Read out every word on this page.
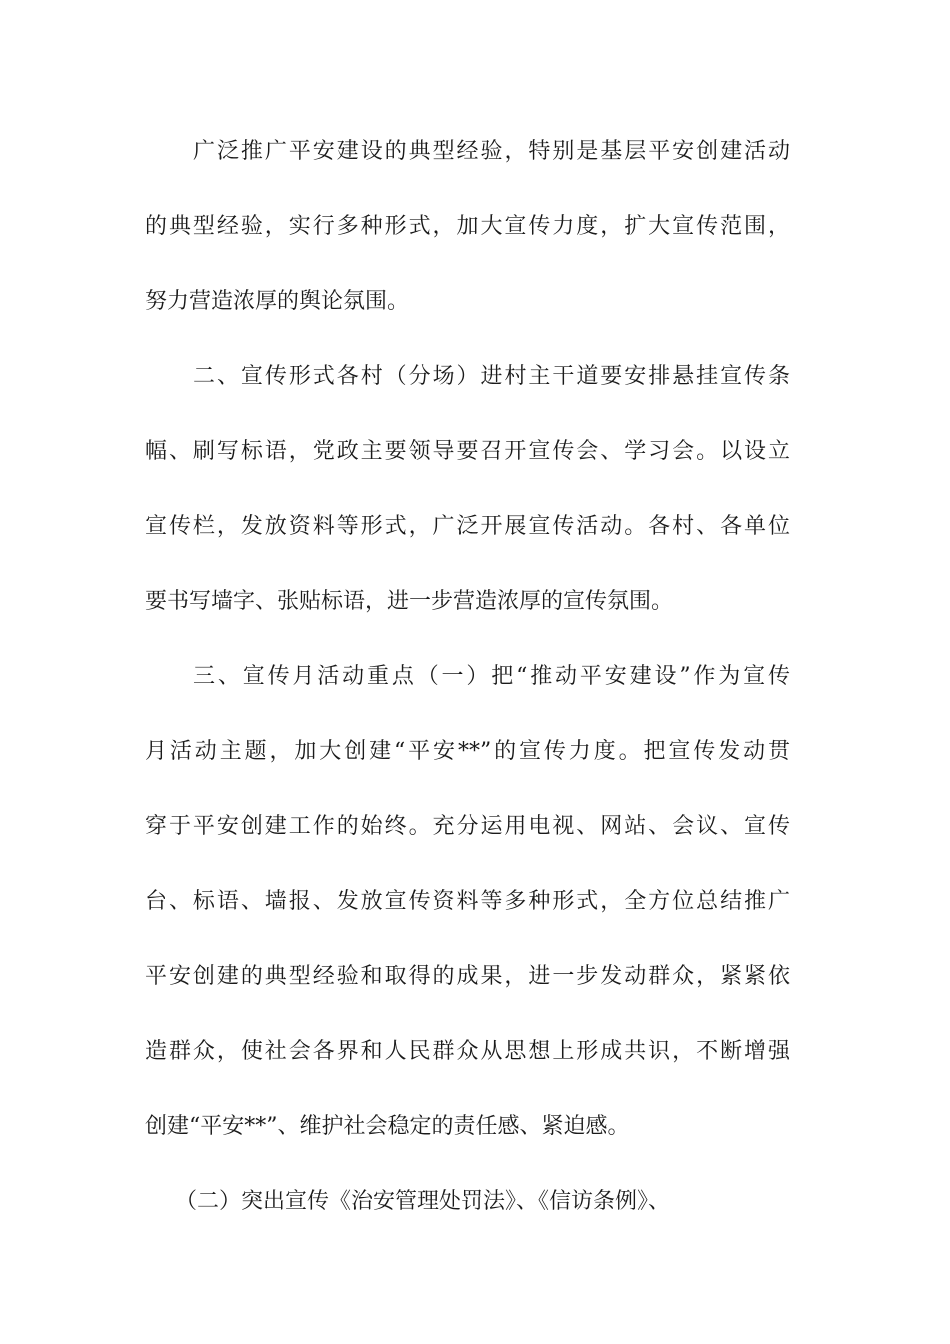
广泛推广平安建设的典型经验，特别是基层平安创建活动
的典型经验，实行多种形式，加大宣传力度，扩大宣传范围，
努力营造浓厚的舆论氛围。
二、宣传形式各村（分场）进村主干道要安排悬挂宣传条
幅、刷写标语，党政主要领导要召开宣传会、学习会。以设立
宣传栏，发放资料等形式，广泛开展宣传活动。各村、各单位
要书写墙字、张贴标语，进一步营造浓厚的宣传氛围。
三、宣传月活动重点（一）把“推动平安建设”作为宣传
月活动主题，加大创建“平安**”的宣传力度。把宣传发动贯
穿于平安创建工作的始终。充分运用电视、网站、会议、宣传
台、标语、墙报、发放宣传资料等多种形式，全方位总结推广
平安创建的典型经验和取得的成果，进一步发动群众，紧紧依
造群众，使社会各界和人民群众从思想上形成共识，不断增强
创建“平安**”、维护社会稳定的责任感、紧迫感。
（二）突出宣传《治安管理处罚法》、《信访条例》、
